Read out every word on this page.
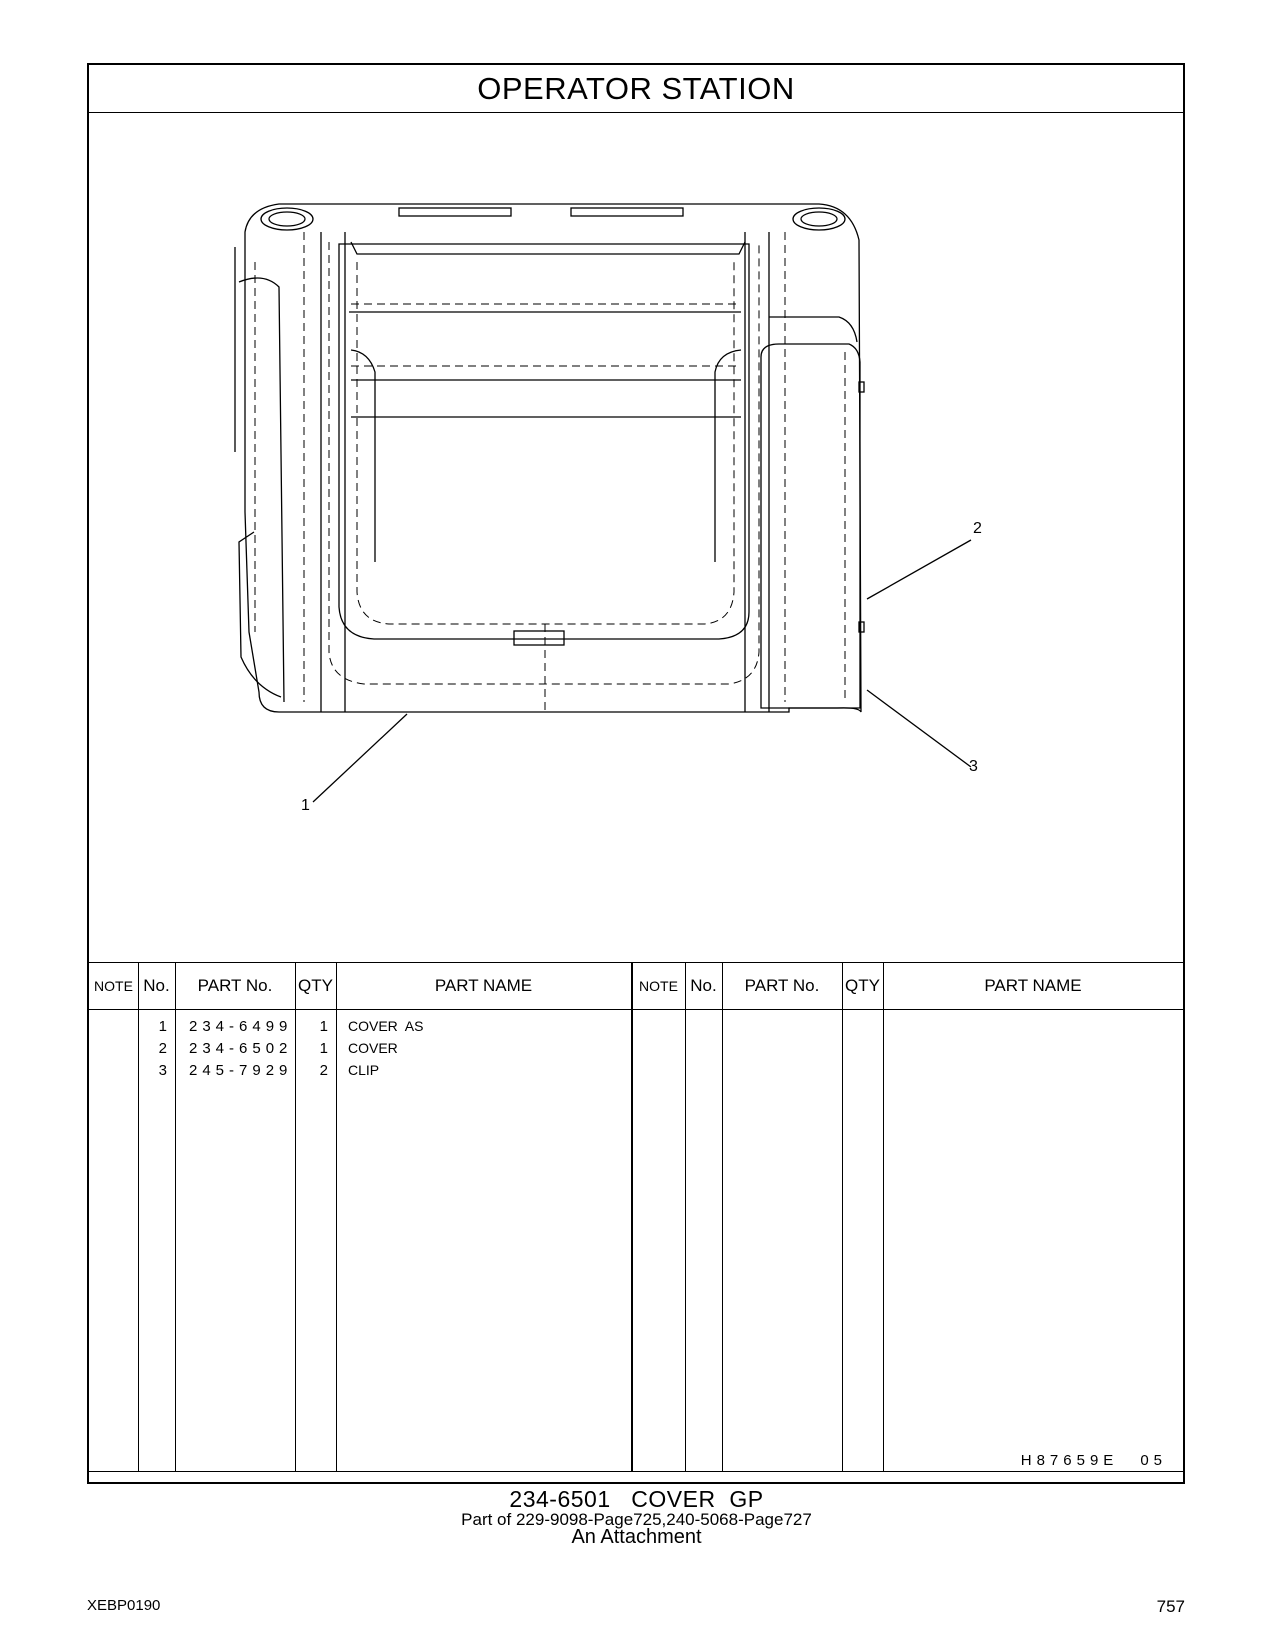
OPERATOR STATION
1
2
3
NOTE No.	PART No.	QTY	PART NAME	NOTE No.	PART No.	QTY	PART NAME
1 234-6499	1 COVER  AS
2 234-6502	1 COVER
3 245-7929	2 CLIP
H87659E 05
234-6501   COVER  GP
Part of 229-9098-Page725,240-5068-Page727
An Attachment
XEBP0190	757
